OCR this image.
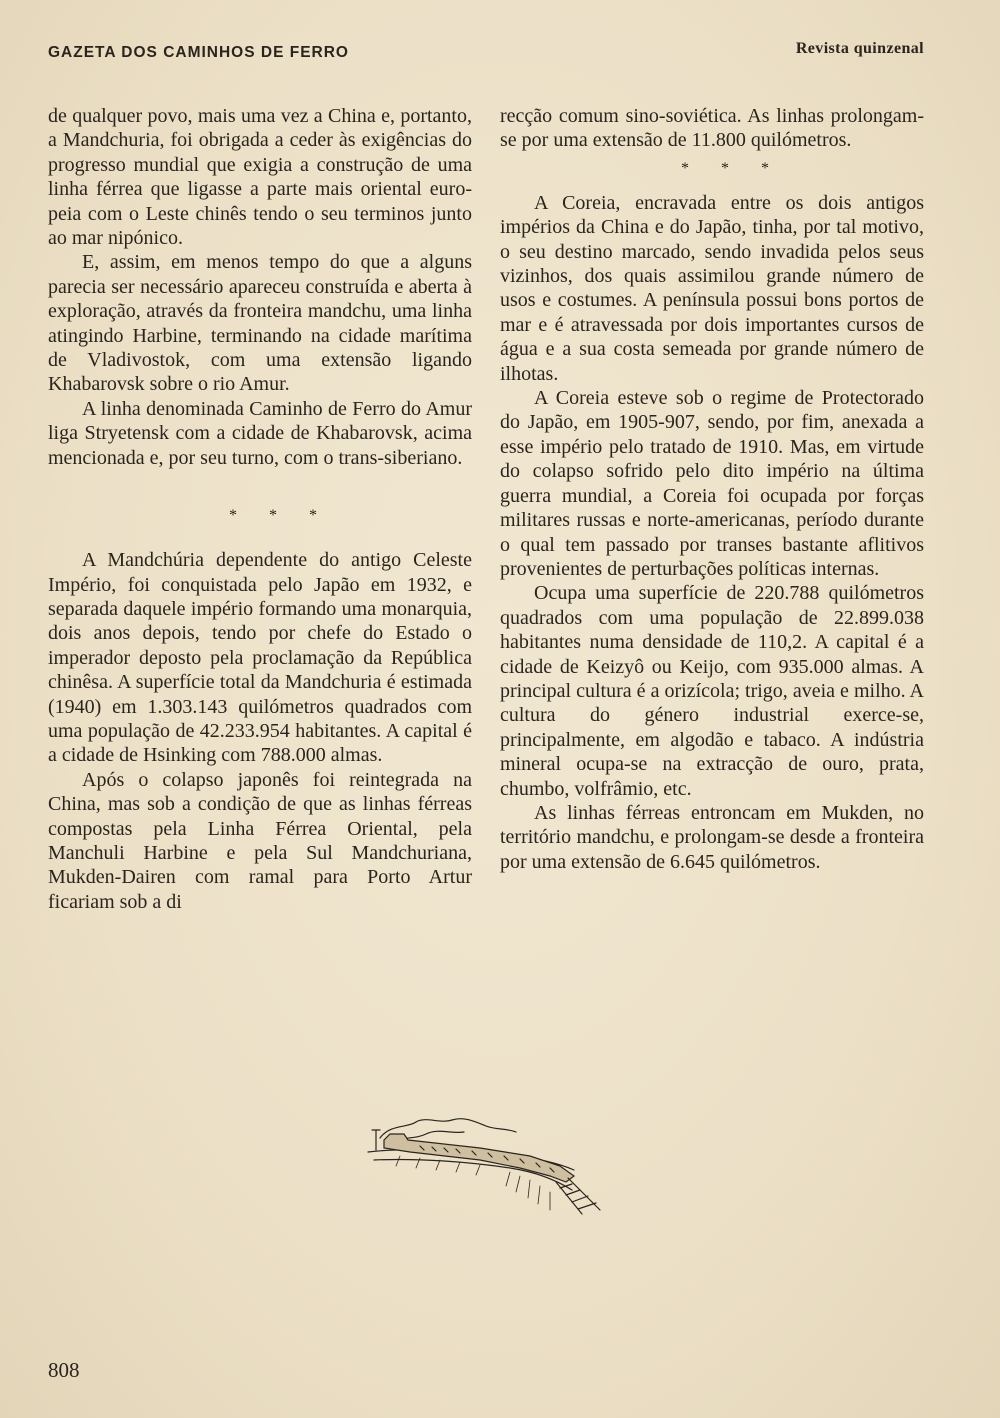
GAZETA DOS CAMINHOS DE FERRO	Revista quinzenal

de qualquer povo, mais uma vez a China e, portanto, a Mandchuria, foi obrigada a ceder às exigências do progresso mundial que exigia a construção de uma linha férrea que ligasse a parte mais oriental europeia com o Leste chinês tendo o seu terminos junto ao mar nipónico.

E, assim, em menos tempo do que a alguns parecia ser necessário apareceu construída e aberta à exploração, através da fronteira mandchu, uma linha atingindo Harbine, terminando na cidade marítima de Vladivostok, com uma extensão ligando Khabarovsk sobre o rio Amur.

A linha denominada Caminho de Ferro do Amur liga Stryetensk com a cidade de Khabarovsk, acima mencionada e, por seu turno, com o trans-siberiano.

* * *

A Mandchúria dependente do antigo Celeste Império, foi conquistada pelo Japão em 1932, e separada daquele império formando uma monarquia, dois anos depois, tendo por chefe do Estado o imperador deposto pela proclamação da República chinêsa. A superfície total da Mandchuria é estimada (1940) em 1.303.143 quilómetros quadrados com uma população de 42.233.954 habitantes. A capital é a cidade de Hsinking com 788.000 almas.

Após o colapso japonês foi reintegrada na China, mas sob a condição de que as linhas férreas compostas pela Linha Férrea Oriental, pela Manchuli Harbine e pela Sul Mandchuriana, Mukden-Dairen com ramal para Porto Artur ficariam sob a di

recção comum sino-soviética. As linhas prolongam-se por uma extensão de 11.800 quilómetros.

* * *

A Coreia, encravada entre os dois antigos impérios da China e do Japão, tinha, por tal motivo, o seu destino marcado, sendo invadida pelos seus vizinhos, dos quais assimilou grande número de usos e costumes. A península possui bons portos de mar e é atravessada por dois importantes cursos de água e a sua costa semeada por grande número de ilhotas.

A Coreia esteve sob o regime de Protectorado do Japão, em 1905-907, sendo, por fim, anexada a esse império pelo tratado de 1910. Mas, em virtude do colapso sofrido pelo dito império na última guerra mundial, a Coreia foi ocupada por forças militares russas e norte-americanas, período durante o qual tem passado por transes bastante aflitivos provenientes de perturbações políticas internas.

Ocupa uma superfície de 220.788 quilómetros quadrados com uma população de 22.899.038 habitantes numa densidade de 110,2. A capital é a cidade de Keizyô ou Keijo, com 935.000 almas. A principal cultura é a orizícola; trigo, aveia e milho. A cultura do género industrial exerce-se, principalmente, em algodão e tabaco. A indústria mineral ocupa-se na extracção de ouro, prata, chumbo, volfrâmio, etc.

As linhas férreas entroncam em Mukden, no território mandchu, e prolongam-se desde a fronteira por uma extensão de 6.645 quilómetros.

808
